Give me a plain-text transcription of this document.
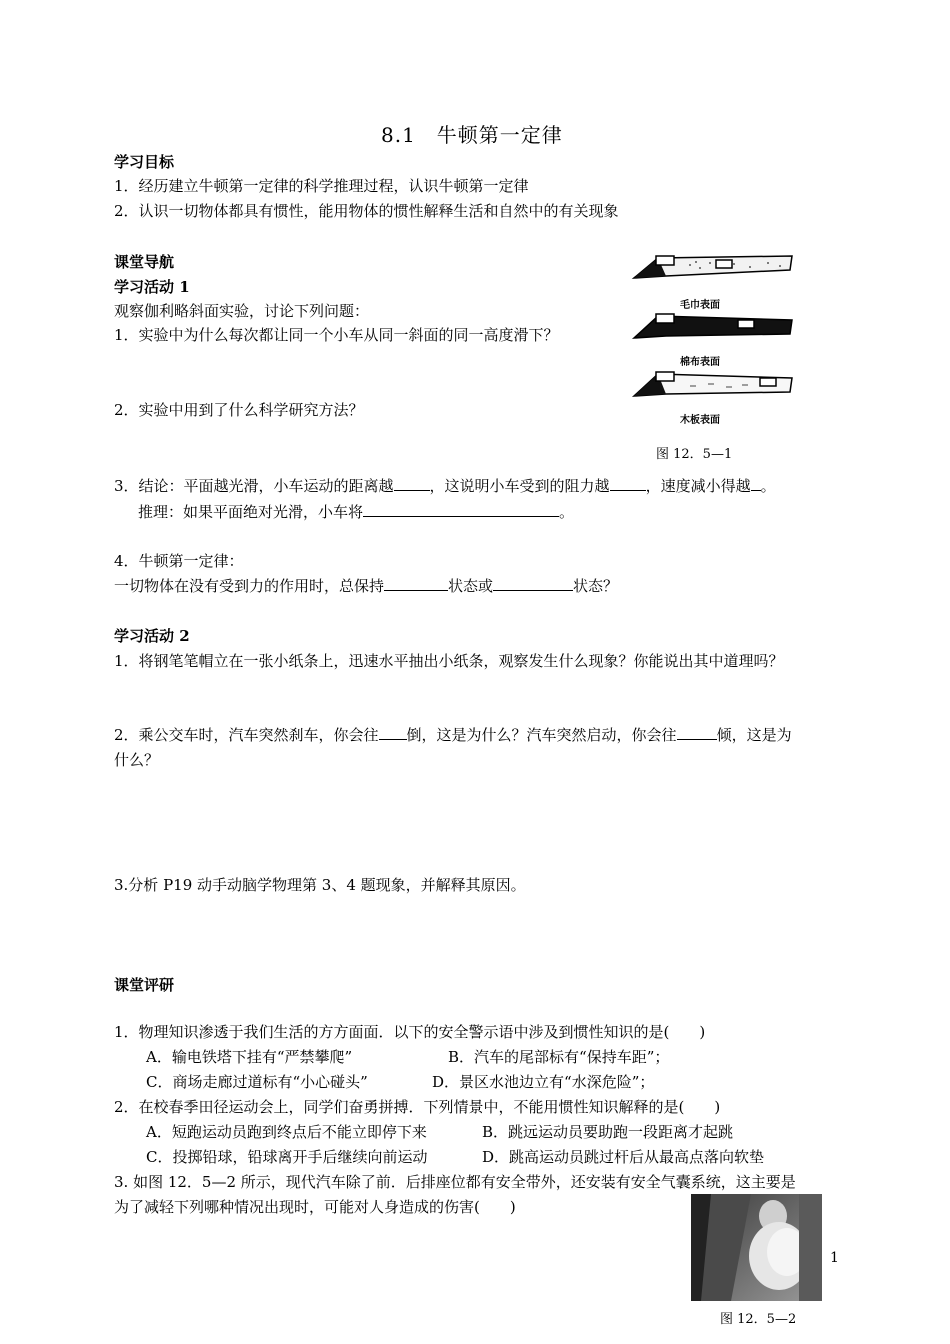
8.1　牛顿第一定律
学习目标
1．经历建立牛顿第一定律的科学推理过程，认识牛顿第一定律
2．认识一切物体都具有惯性，能用物体的惯性解释生活和自然中的有关现象
课堂导航
学习活动 1
观察伽利略斜面实验，讨论下列问题：
1．实验中为什么每次都让同一个小车从同一斜面的同一高度滑下？
2．实验中用到了什么科学研究方法？
3．结论：平面越光滑，小车运动的距离越 ，这说明小车受到的阻力越 ，速度减小得越 。
推理：如果平面绝对光滑，小车将	。
4．牛顿第一定律：
一切物体在没有受到力的作用时，总保持	状态或	状态？
毛巾表面
棉布表面
木板表面
图 12．5—1
学习活动 2
1．将钢笔笔帽立在一张小纸条上，迅速水平抽出小纸条，观察发生什么现象？你能说出其中道理吗？
2．乘公交车时，汽车突然刹车，你会往 倒，这是为什么？汽车突然启动，你会往	倾，这是为
什么？
3.分析 P19 动手动脑学物理第 3、4 题现象，并解释其原因。
课堂评研
1．物理知识渗透于我们生活的方方面面．以下的安全警示语中涉及到惯性知识的是(　　)
A．输电铁塔下挂有“严禁攀爬”	B．汽车的尾部标有“保持车距”；
C．商场走廊过道标有“小心碰头”	D．景区水池边立有“水深危险”；
2．在校春季田径运动会上，同学们奋勇拼搏．下列情景中，不能用惯性知识解释的是(　　)
A．短跑运动员跑到终点后不能立即停下来	B．跳远运动员要助跑一段距离才起跳
C．投掷铅球，铅球离开手后继续向前运动	D．跳高运动员跳过杆后从最高点落向软垫
3. 如图 12．5—2 所示，现代汽车除了前．后排座位都有安全带外，还安装有安全气囊系统，这主要是
为了减轻下列哪种情况出现时，可能对人身造成的伤害(　　)
图 12．5—2
1
